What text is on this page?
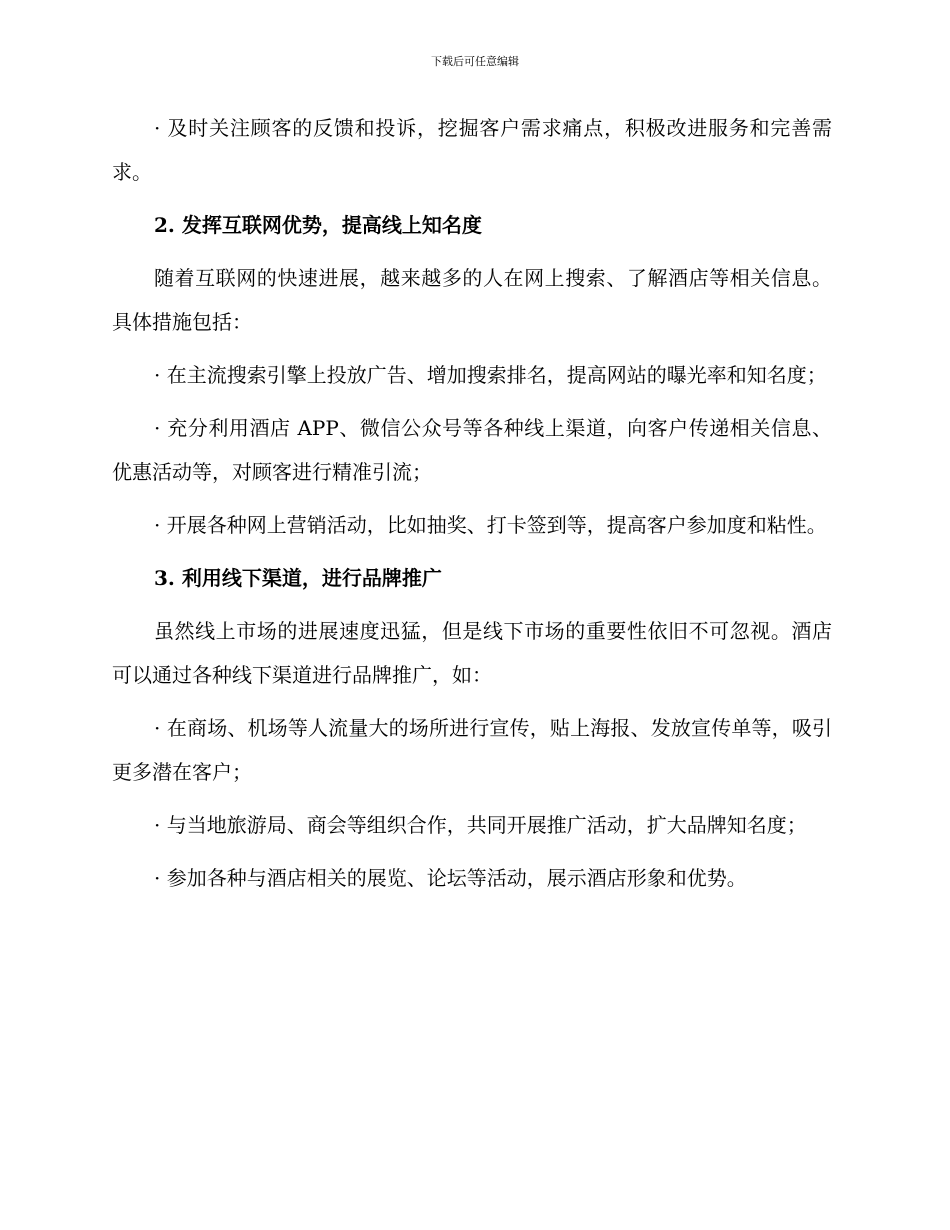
下载后可任意编辑

· 及时关注顾客的反馈和投诉，挖掘客户需求痛点，积极改进服务和完善需求。

2. 发挥互联网优势，提高线上知名度

随着互联网的快速进展，越来越多的人在网上搜索、了解酒店等相关信息。具体措施包括：

· 在主流搜索引擎上投放广告、增加搜索排名，提高网站的曝光率和知名度；

· 充分利用酒店 APP、微信公众号等各种线上渠道，向客户传递相关信息、优惠活动等，对顾客进行精准引流；

· 开展各种网上营销活动，比如抽奖、打卡签到等，提高客户参加度和粘性。

3. 利用线下渠道，进行品牌推广

虽然线上市场的进展速度迅猛，但是线下市场的重要性依旧不可忽视。酒店可以通过各种线下渠道进行品牌推广，如：

· 在商场、机场等人流量大的场所进行宣传，贴上海报、发放宣传单等，吸引更多潜在客户；

· 与当地旅游局、商会等组织合作，共同开展推广活动，扩大品牌知名度；

· 参加各种与酒店相关的展览、论坛等活动，展示酒店形象和优势。
